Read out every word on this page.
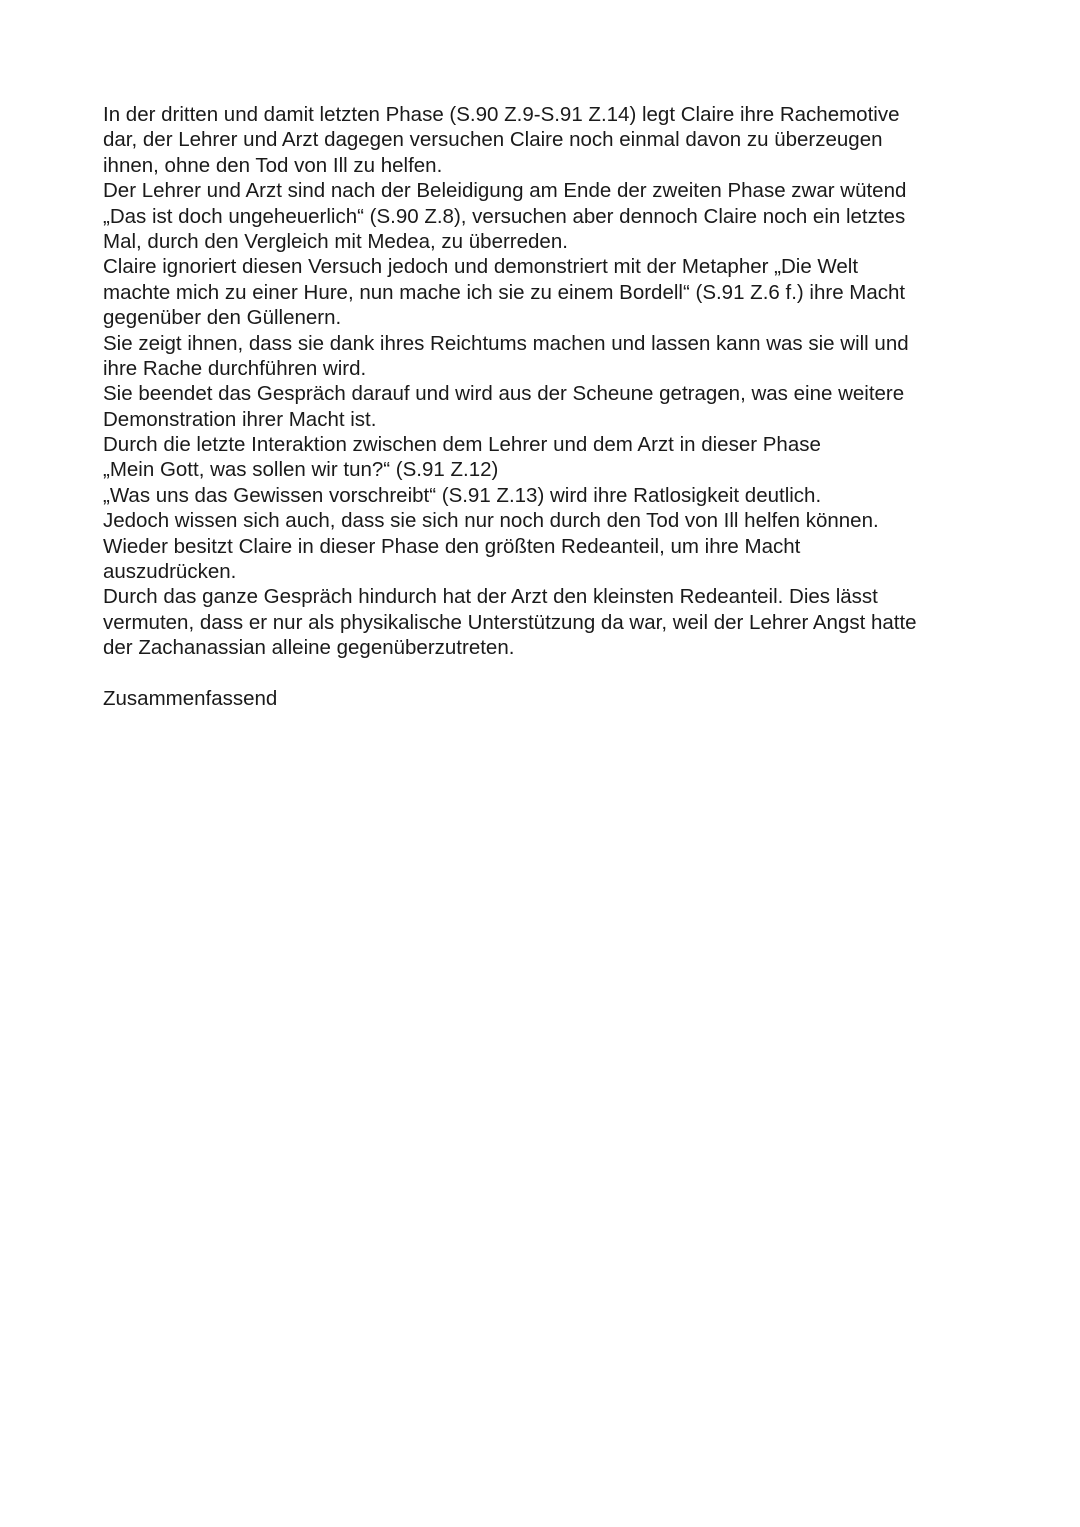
In der dritten und damit letzten Phase (S.90 Z.9-S.91 Z.14) legt Claire ihre Rachemotive
dar, der Lehrer und Arzt dagegen versuchen Claire noch einmal davon zu überzeugen
ihnen, ohne den Tod von Ill zu helfen.
Der Lehrer und Arzt sind nach der Beleidigung am Ende der zweiten Phase zwar wütend
„Das ist doch ungeheuerlich“ (S.90 Z.8), versuchen aber dennoch Claire noch ein letztes
Mal, durch den Vergleich mit Medea, zu überreden.
Claire ignoriert diesen Versuch jedoch und demonstriert mit der Metapher „Die Welt
machte mich zu einer Hure, nun mache ich sie zu einem Bordell“ (S.91 Z.6 f.) ihre Macht
gegenüber den Güllenern.
Sie zeigt ihnen, dass sie dank ihres Reichtums machen und lassen kann was sie will und
ihre Rache durchführen wird.
Sie beendet das Gespräch darauf und wird aus der Scheune getragen, was eine weitere
Demonstration ihrer Macht ist.
Durch die letzte Interaktion zwischen dem Lehrer und dem Arzt in dieser Phase
„Mein Gott, was sollen wir tun?“ (S.91 Z.12)
„Was uns das Gewissen vorschreibt“ (S.91 Z.13) wird ihre Ratlosigkeit deutlich.
Jedoch wissen sich auch, dass sie sich nur noch durch den Tod von Ill helfen können.
Wieder besitzt Claire in dieser Phase den größten Redeanteil, um ihre Macht
auszudrücken.
Durch das ganze Gespräch hindurch hat der Arzt den kleinsten Redeanteil. Dies lässt
vermuten, dass er nur als physikalische Unterstützung da war, weil der Lehrer Angst hatte
der Zachanassian alleine gegenüberzutreten.
Zusammenfassend
